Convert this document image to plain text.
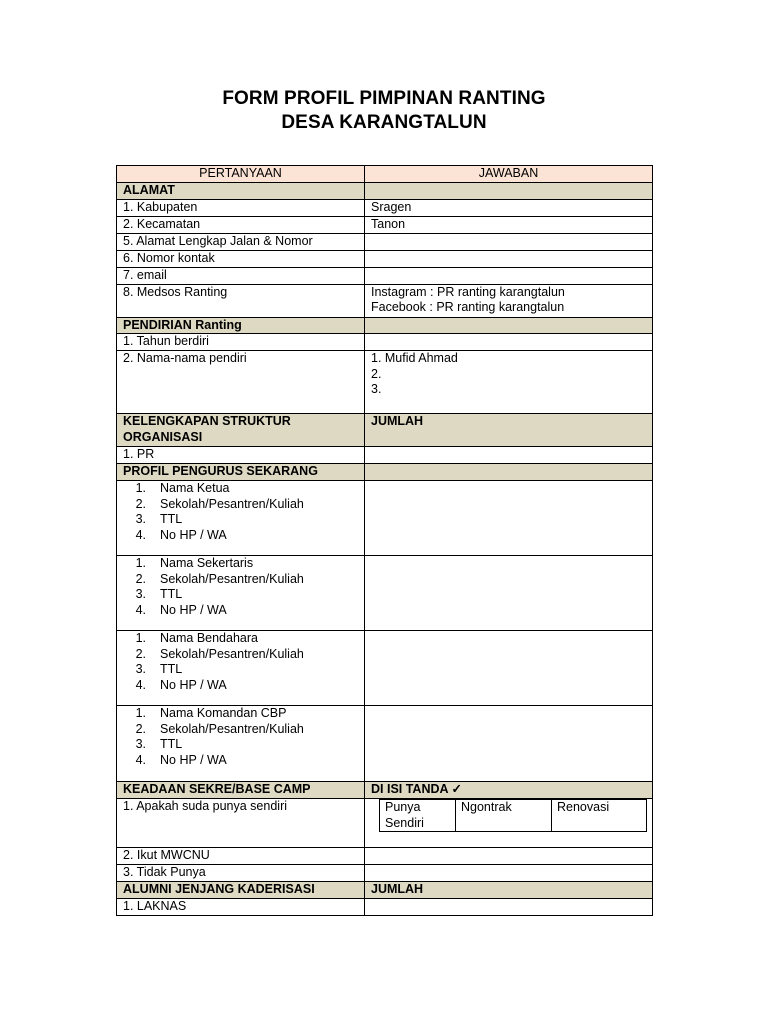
FORM PROFIL PIMPINAN RANTING
DESA KARANGTALUN
PERTANYAAN	JAWABAN
ALAMAT	
1. Kabupaten	Sragen
2. Kecamatan	Tanon
5. Alamat Lengkap Jalan & Nomor	
6. Nomor kontak	
7. email	
8. Medsos Ranting	Instagram : PR ranting karangtalun
Facebook : PR ranting karangtalun

PENDIRIAN Ranting	
1. Tahun berdiri	
2. Nama-nama pendiri	1. Mufid Ahmad
2.
3.

KELENGKAPAN STRUKTUR ORGANISASI	JUMLAH
1. PR	
PROFIL PENGURUS SEKARANG	

1.	Nama Ketua
2.	Sekolah/Pesantren/Kuliah
3.	TTL
4.	No HP / WA

1.	Nama Sekertaris
2.	Sekolah/Pesantren/Kuliah
3.	TTL
4.	No HP / WA

1.	Nama Bendahara
2.	Sekolah/Pesantren/Kuliah
3.	TTL
4.	No HP / WA

1.	Nama Komandan CBP
2.	Sekolah/Pesantren/Kuliah
3.	TTL
4.	No HP / WA

KEADAAN SEKRE/BASE CAMP	DI ISI TANDA ✓
1. Apakah suda punya sendiri		Punya Sendiri	Ngontrak	Renovasi

2. Ikut MWCNU	
3. Tidak Punya	
ALUMNI JENJANG KADERISASI	JUMLAH
1. LAKNAS	
